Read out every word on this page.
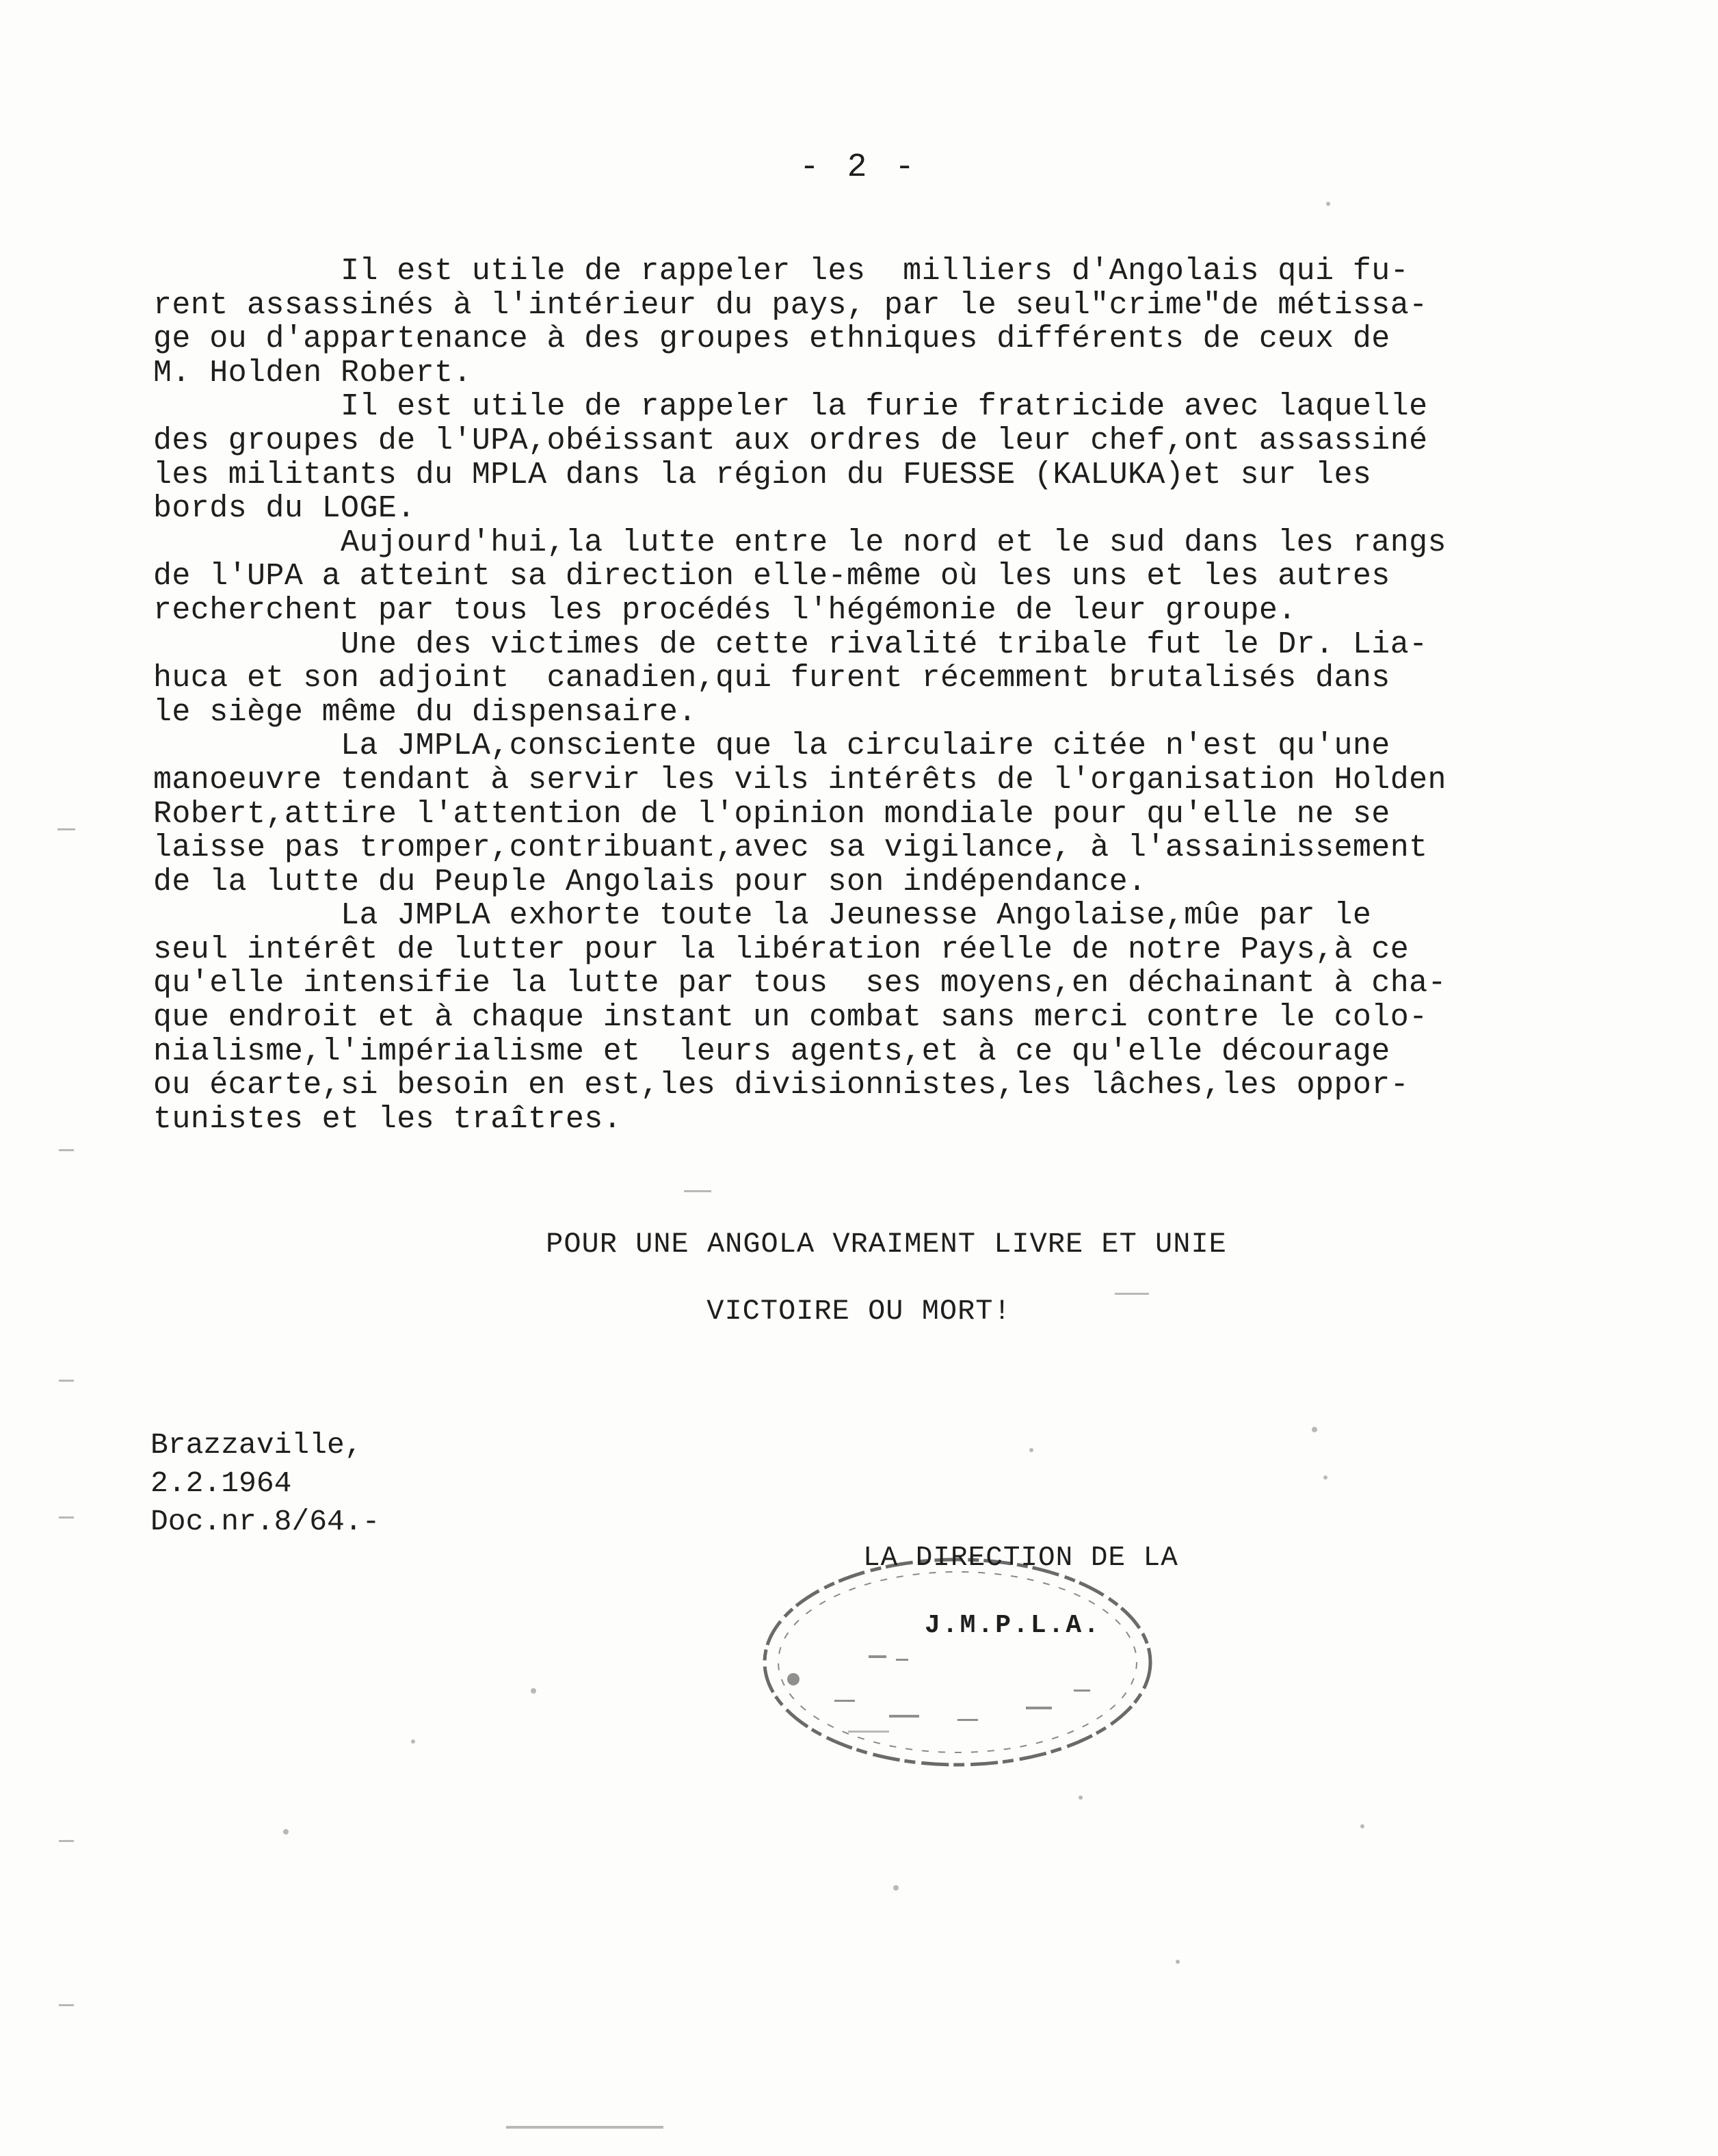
- 2 -
Il est utile de rappeler les  milliers d'Angolais qui fu-
rent assassinés à l'intérieur du pays, par le seul"crime"de métissa-
ge ou d'appartenance à des groupes ethniques différents de ceux de
M. Holden Robert.
Il est utile de rappeler la furie fratricide avec laquelle
des groupes de l'UPA,obéissant aux ordres de leur chef,ont assassiné
les militants du MPLA dans la région du FUESSE (KALUKA)et sur les
bords du LOGE.
Aujourd'hui,la lutte entre le nord et le sud dans les rangs
de l'UPA a atteint sa direction elle-même où les uns et les autres
recherchent par tous les procédés l'hégémonie de leur groupe.
Une des victimes de cette rivalité tribale fut le Dr. Lia-
huca et son adjoint  canadien,qui furent récemment brutalisés dans
le siège même du dispensaire.
La JMPLA,consciente que la circulaire citée n'est qu'une
manoeuvre tendant à servir les vils intérêts de l'organisation Holden
Robert,attire l'attention de l'opinion mondiale pour qu'elle ne se
laisse pas tromper,contribuant,avec sa vigilance, à l'assainissement
de la lutte du Peuple Angolais pour son indépendance.
La JMPLA exhorte toute la Jeunesse Angolaise,mûe par le
seul intérêt de lutter pour la libération réelle de notre Pays,à ce
qu'elle intensifie la lutte par tous  ses moyens,en déchainant à cha-
que endroit et à chaque instant un combat sans merci contre le colo-
nialisme,l'impérialisme et  leurs agents,et à ce qu'elle décourage
ou écarte,si besoin en est,les divisionnistes,les lâches,les oppor-
tunistes et les traîtres.
POUR UNE ANGOLA VRAIMENT LIVRE ET UNIE
VICTOIRE OU MORT!
Brazzaville,
2.2.1964
Doc.nr.8/64.-
LA DIRECTION DE LA
J.M.P.L.A.
